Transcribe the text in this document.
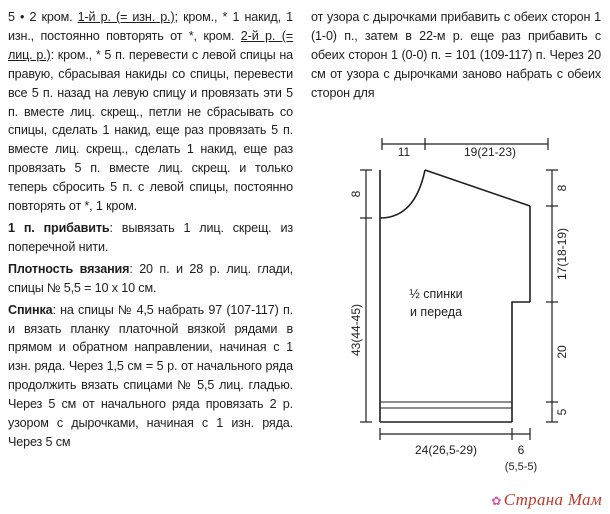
5 • 2 кром. 1-й р. (= изн. р.); кром., * 1 накид, 1 изн., постоянно повторять от *, кром. 2-й р. (= лиц. р.): кром., * 5 п. перевести с левой спицы на правую, сбрасывая накиды со спицы, перевести все 5 п. назад на левую спицу и провязать эти 5 п. вместе лиц. скрещ., петли не сбрасывать со спицы, сделать 1 накид, еще раз провязать 5 п. вместе лиц. скрещ., сделать 1 накид, еще раз провязать 5 п. вместе лиц. скрещ. и только теперь сбросить 5 п. с левой спицы, постоянно повторять от *, 1 кром.

1 п. прибавить: вывязать 1 лиц. скрещ. из поперечной нити.

Плотность вязания: 20 п. и 28 р. лиц. глади, спицы № 5,5 = 10 х 10 см.

Спинка: на спицы № 4,5 набрать 97 (107-117) п. и вязать планку платочной вязкой рядами в прямом и обратном направлении, начиная с 1 изн. ряда. Через 1,5 см = 5 р. от начального ряда продолжить вязать спицами № 5,5 лиц. гладью. Через 5 см от начального ряда провязать 2 р. узором с дырочками, начиная с 1 изн. ряда. Через 5 см

от узора с дырочками прибавить с обеих сторон 1 (1-0) п., затем в 22-м р. еще раз прибавить с обеих сторон 1 (0-0) п. = 101 (109-117) п. Через 20 см от узора с дырочками заново набрать с обеих сторон для

11	19(21-23)
½ спинки
и переда
8
43(44-45)
8
17(18-19)
20
5
24(26,5-29)	6
(5,5-5)
✿ Страна Мам
